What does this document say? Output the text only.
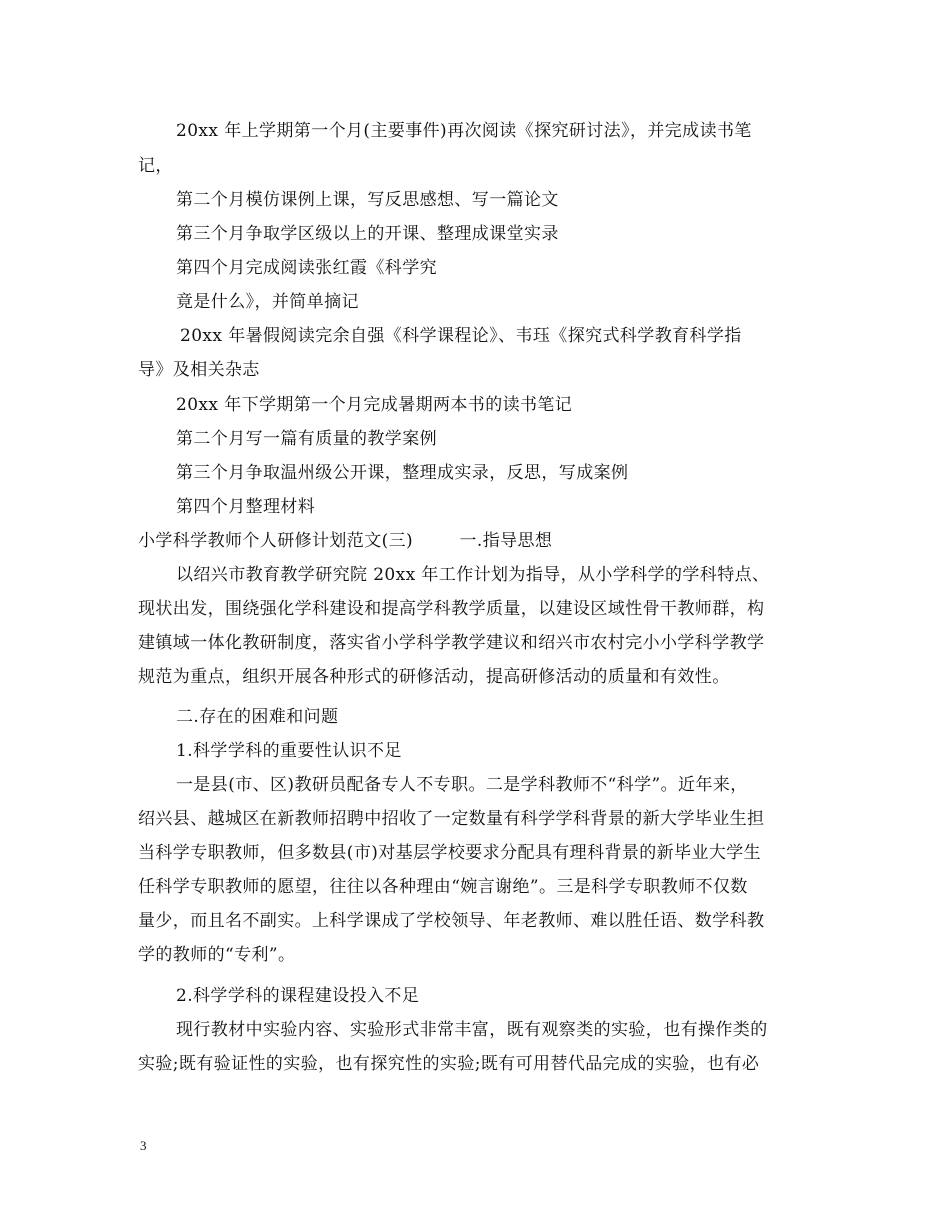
20xx 年上学期第一个月(主要事件)再次阅读《探究研讨法》，并完成读书笔
记，
第二个月模仿课例上课，写反思感想、写一篇论文
第三个月争取学区级以上的开课、整理成课堂实录
第四个月完成阅读张红霞《科学究
竟是什么》，并简单摘记
20xx 年暑假阅读完余自强《科学课程论》、韦珏《探究式科学教育科学指
导》及相关杂志
20xx 年下学期第一个月完成暑期两本书的读书笔记
第二个月写一篇有质量的教学案例
第三个月争取温州级公开课，整理成实录，反思，写成案例
第四个月整理材料
小学科学教师个人研修计划范文(三)        一.指导思想
以绍兴市教育教学研究院 20xx 年工作计划为指导，从小学科学的学科特点、
现状出发，围绕强化学科建设和提高学科教学质量，以建设区域性骨干教师群，构
建镇域一体化教研制度，落实省小学科学教学建议和绍兴市农村完小小学科学教学
规范为重点，组织开展各种形式的研修活动，提高研修活动的质量和有效性。
二.存在的困难和问题
1.科学学科的重要性认识不足
一是县(市、区)教研员配备专人不专职。二是学科教师不“科学”。近年来，
绍兴县、越城区在新教师招聘中招收了一定数量有科学学科背景的新大学毕业生担
当科学专职教师，但多数县(市)对基层学校要求分配具有理科背景的新毕业大学生
任科学专职教师的愿望，往往以各种理由“婉言谢绝”。三是科学专职教师不仅数
量少，而且名不副实。上科学课成了学校领导、年老教师、难以胜任语、数学科教
学的教师的“专利”。
2.科学学科的课程建设投入不足
现行教材中实验内容、实验形式非常丰富，既有观察类的实验，也有操作类的
实验;既有验证性的实验，也有探究性的实验;既有可用替代品完成的实验，也有必
3
